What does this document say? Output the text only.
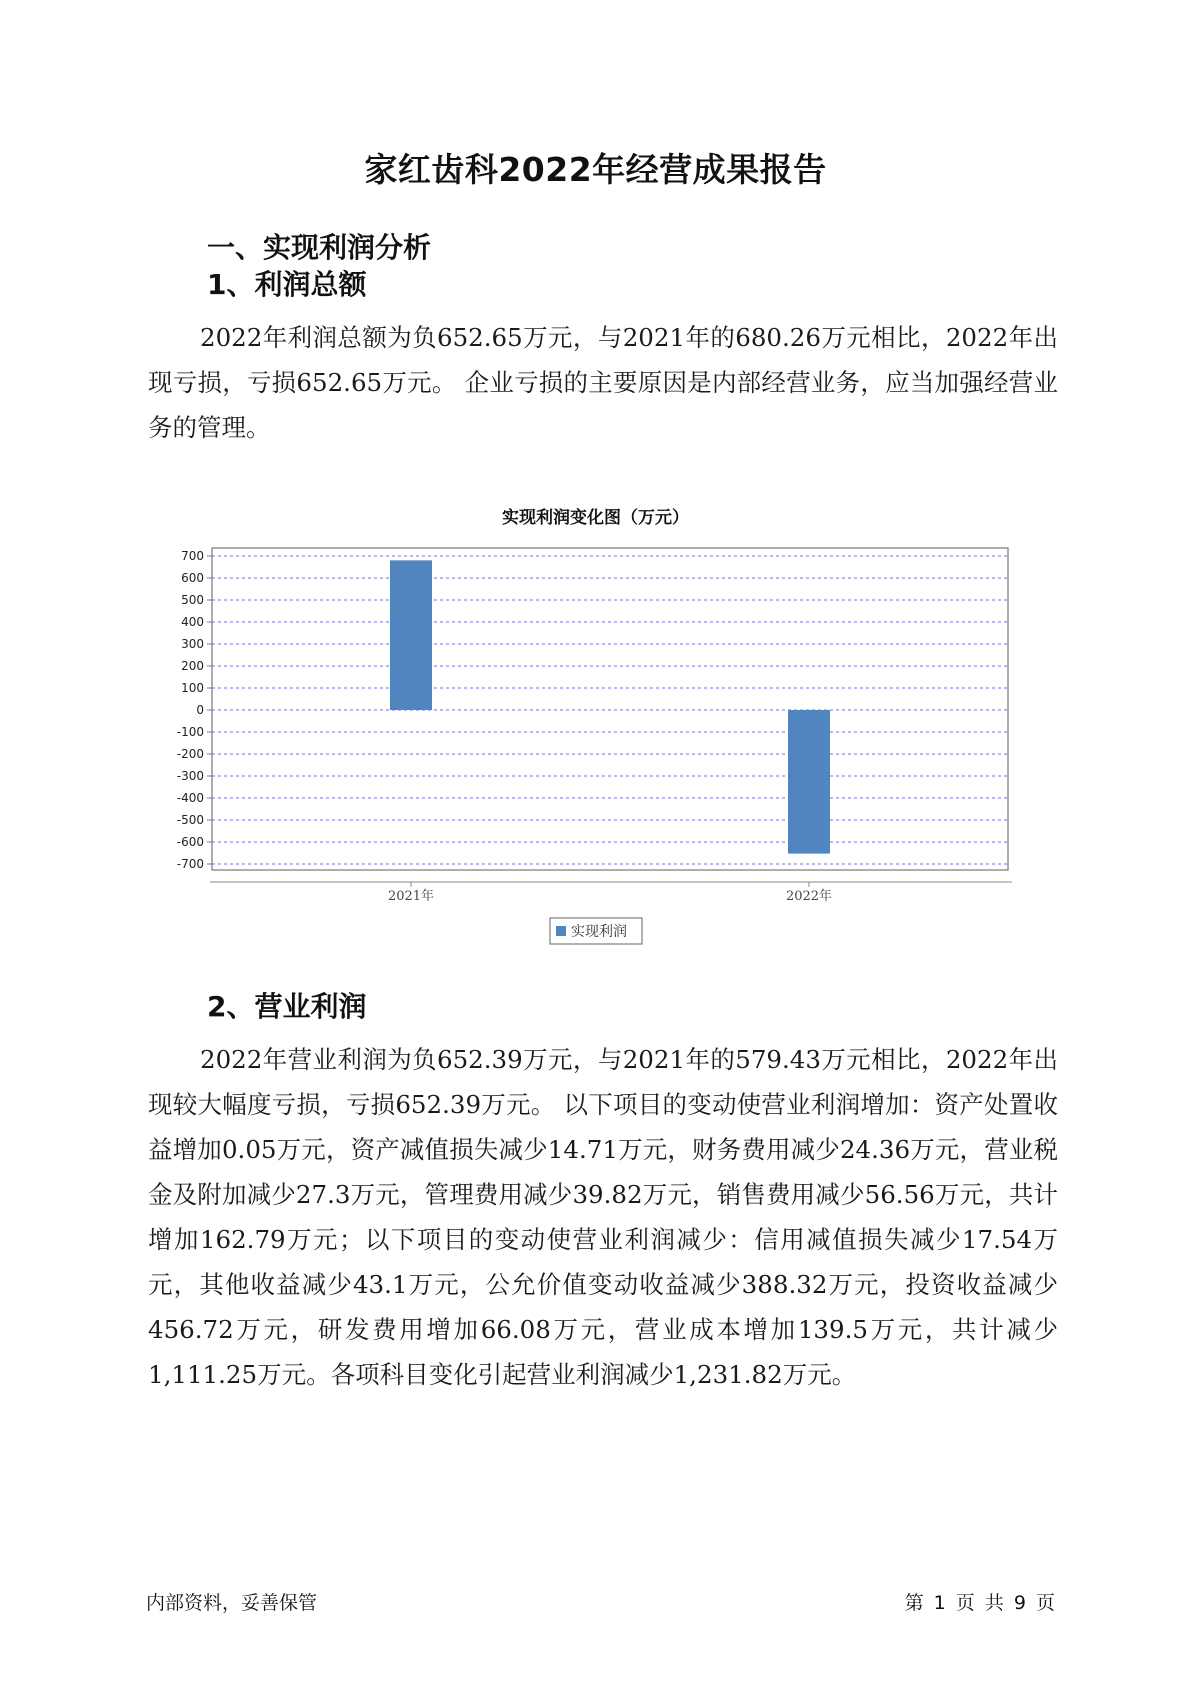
家红齿科2022年经营成果报告
一、实现利润分析
1、利润总额
2022年利润总额为负652.65万元，与2021年的680.26万元相比，2022年出现亏损，亏损652.65万元。 企业亏损的主要原因是内部经营业务，应当加强经营业务的管理。
实现利润变化图（万元）
700
600
500
400
300
200
100
0
-100
-200
-300
-400
-500
-600
-700
2021年	2022年
实现利润
2、营业利润
2022年营业利润为负652.39万元，与2021年的579.43万元相比，2022年出现较大幅度亏损，亏损652.39万元。 以下项目的变动使营业利润增加：资产处置收益增加0.05万元，资产减值损失减少14.71万元，财务费用减少24.36万元，营业税金及附加减少27.3万元，管理费用减少39.82万元，销售费用减少56.56万元，共计增加162.79万元；以下项目的变动使营业利润减少：信用减值损失减少17.54万元，其他收益减少43.1万元，公允价值变动收益减少388.32万元，投资收益减少456.72万元，研发费用增加66.08万元，营业成本增加139.5万元，共计减少1,111.25万元。各项科目变化引起营业利润减少1,231.82万元。
内部资料，妥善保管	第 1 页 共 9 页
